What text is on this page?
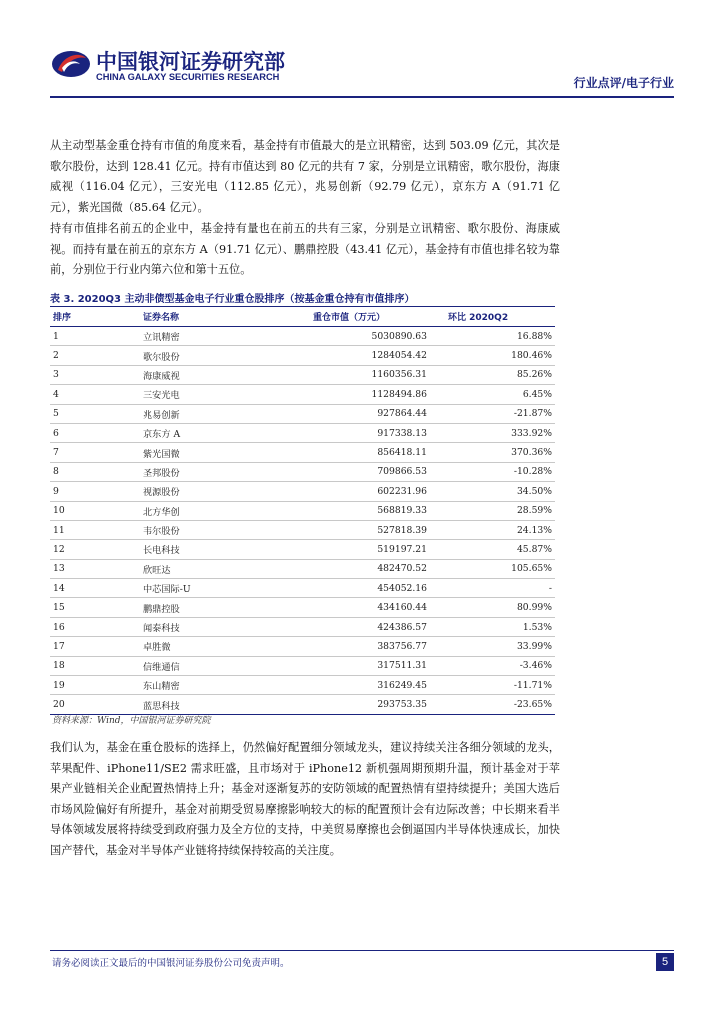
中国银河证券研究部
CHINA GALAXY SECURITIES RESEARCH	行业点评/电子行业

从主动型基金重仓持有市值的角度来看，基金持有市值最大的是立讯精密，达到 503.09 亿元，其次是歌尔股份，达到 128.41 亿元。持有市值达到 80 亿元的共有 7 家，分别是立讯精密，歌尔股份，海康威视（116.04 亿元），三安光电（112.85 亿元），兆易创新（92.79 亿元），京东方 A（91.71 亿元），紫光国微（85.64 亿元）。

持有市值排名前五的企业中，基金持有量也在前五的共有三家，分别是立讯精密、歌尔股份、海康威视。而持有量在前五的京东方 A（91.71 亿元）、鹏鼎控股（43.41 亿元），基金持有市值也排名较为靠前，分别位于行业内第六位和第十五位。

表 3. 2020Q3 主动非债型基金电子行业重仓股排序（按基金重仓持有市值排序）
排序	证券名称	重仓市值（万元）	环比 2020Q2
1	立讯精密	5030890.63	16.88%
2	歌尔股份	1284054.42	180.46%
3	海康威视	1160356.31	85.26%
4	三安光电	1128494.86	6.45%
5	兆易创新	927864.44	-21.87%
6	京东方 A	917338.13	333.92%
7	紫光国微	856418.11	370.36%
8	圣邦股份	709866.53	-10.28%
9	视源股份	602231.96	34.50%
10	北方华创	568819.33	28.59%
11	韦尔股份	527818.39	24.13%
12	长电科技	519197.21	45.87%
13	欣旺达	482470.52	105.65%
14	中芯国际-U	454052.16	-
15	鹏鼎控股	434160.44	80.99%
16	闻泰科技	424386.57	1.53%
17	卓胜微	383756.77	33.99%
18	信维通信	317511.31	-3.46%
19	东山精密	316249.45	-11.71%
20	蓝思科技	293753.35	-23.65%
资料来源：Wind，中国银河证券研究院

我们认为，基金在重仓股标的选择上，仍然偏好配置细分领域龙头，建议持续关注各细分领域的龙头，苹果配件、iPhone11/SE2 需求旺盛，且市场对于 iPhone12 新机强周期预期升温，预计基金对于苹果产业链相关企业配置热情持上升；基金对逐渐复苏的安防领域的配置热情有望持续提升；美国大选后市场风险偏好有所提升，基金对前期受贸易摩擦影响较大的标的配置预计会有边际改善；中长期来看半导体领域发展将持续受到政府强力及全方位的支持，中美贸易摩擦也会倒逼国内半导体快速成长，加快国产替代，基金对半导体产业链将持续保持较高的关注度。

请务必阅读正文最后的中国银河证券股份公司免责声明。	5
